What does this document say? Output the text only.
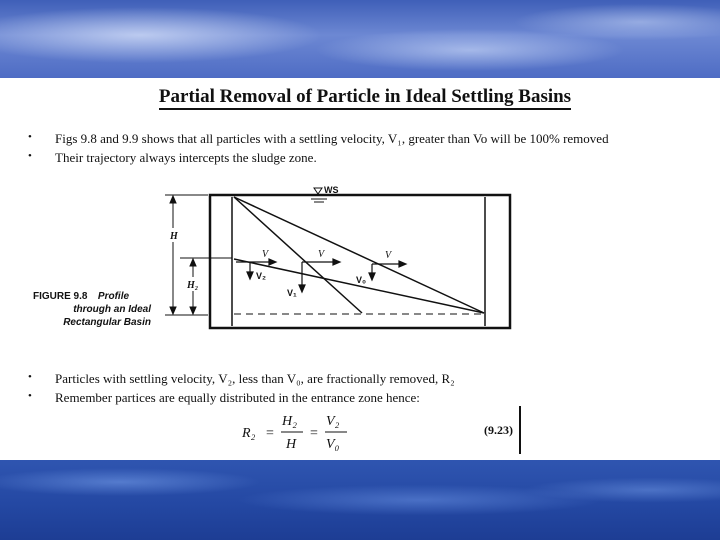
Partial Removal of Particle in Ideal Settling Basins
• Figs 9.8 and 9.9 shows that all particles with a settling velocity, V₁, greater than Vo will be 100% removed
• Their trajectory always intercepts the sludge zone.
FIGURE 9.8 Profile
through an Ideal
Rectangular Basin
WS
H
H₂
V	V	V
V₂
V₁
V₀
• Particles with settling velocity, V₂, less than V₀, are fractionally removed, R₂
• Remember partices are equally distributed in the entrance zone hence:
R₂ =
H₂
H
=
V₂
V₀
(9.23)
